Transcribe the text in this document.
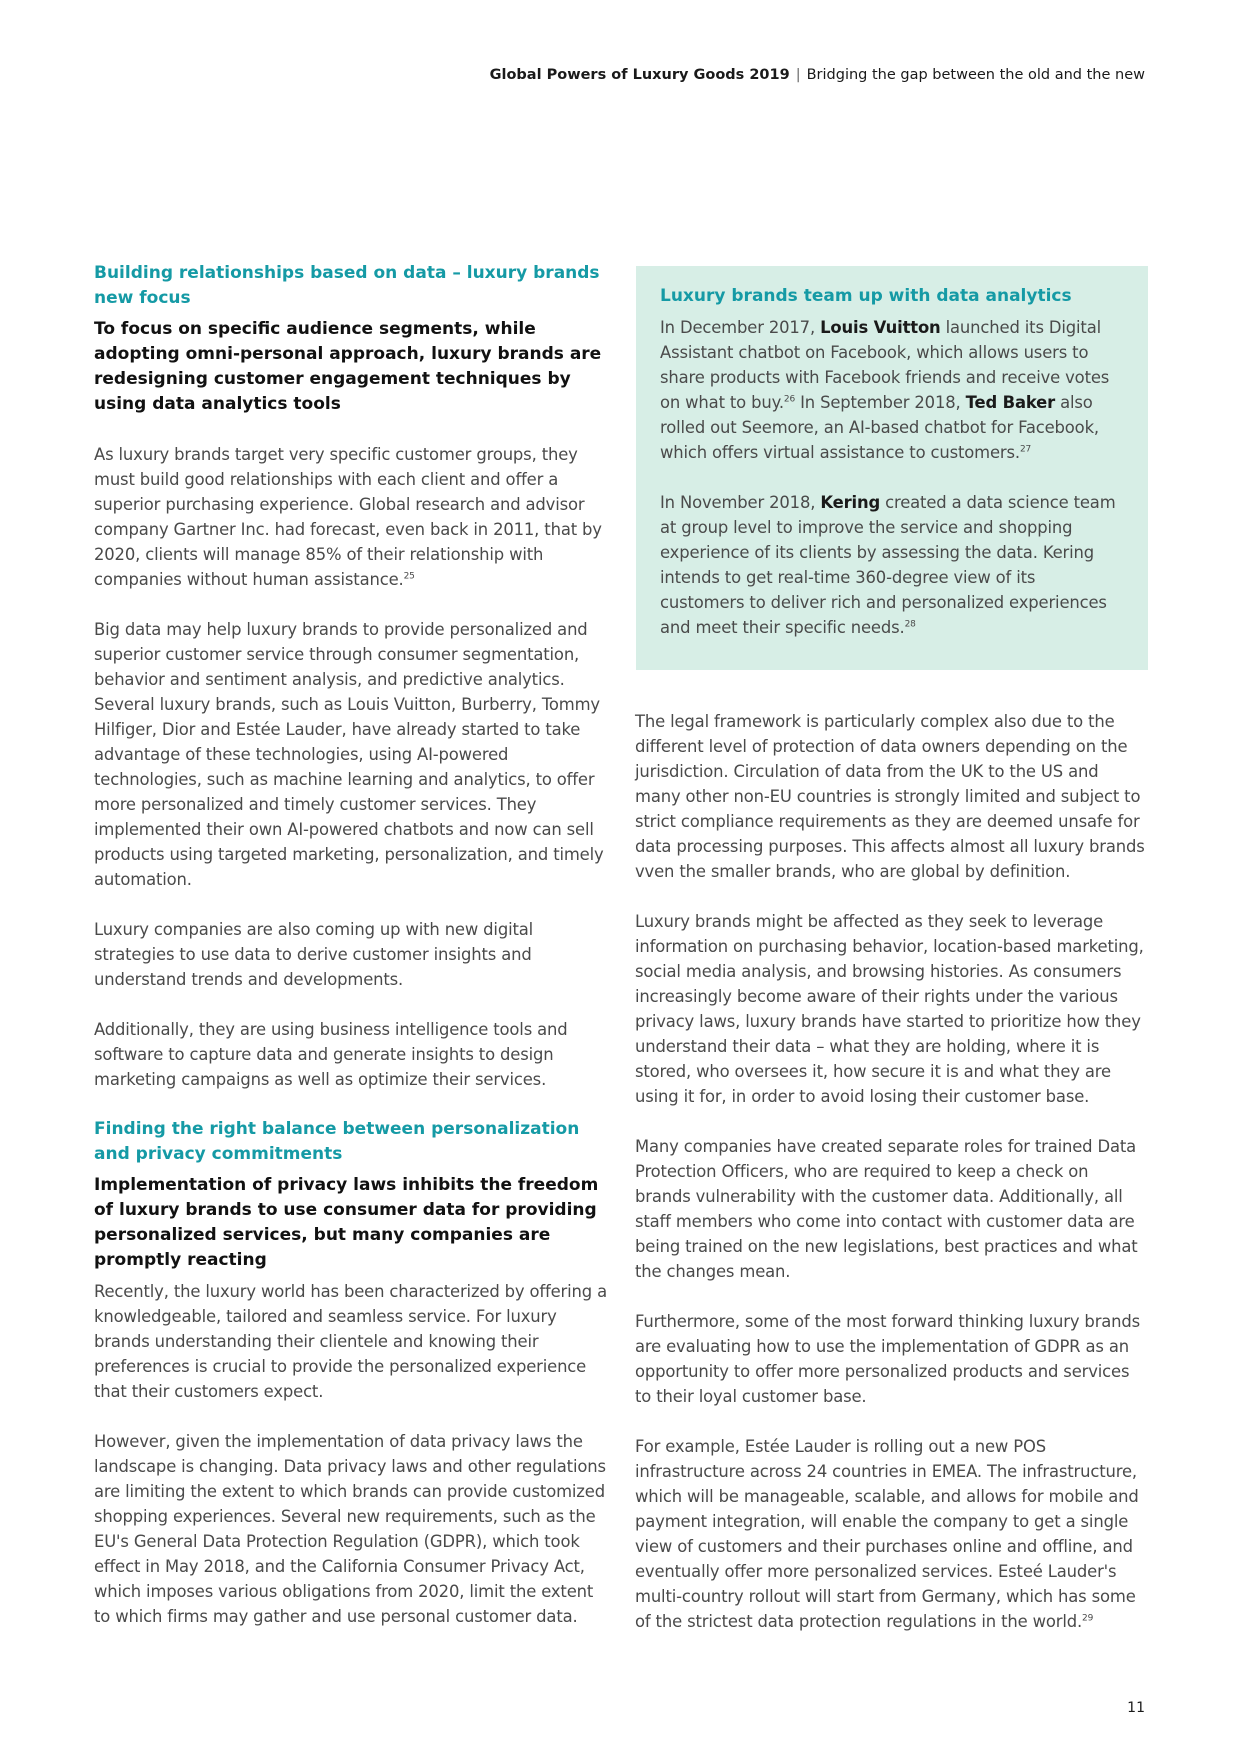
Global Powers of Luxury Goods 2019 | Bridging the gap between the old and the new

Building relationships based on data – luxury brands new focus

To focus on specific audience segments, while adopting omni-personal approach, luxury brands are redesigning customer engagement techniques by using data analytics tools

As luxury brands target very specific customer groups, they must build good relationships with each client and offer a superior purchasing experience. Global research and advisor company Gartner Inc. had forecast, even back in 2011, that by 2020, clients will manage 85% of their relationship with companies without human assistance.$^{25}$

Big data may help luxury brands to provide personalized and superior customer service through consumer segmentation, behavior and sentiment analysis, and predictive analytics. Several luxury brands, such as Louis Vuitton, Burberry, Tommy Hilfiger, Dior and Estée Lauder, have already started to take advantage of these technologies, using AI-powered technologies, such as machine learning and analytics, to offer more personalized and timely customer services. They implemented their own AI-powered chatbots and now can sell products using targeted marketing, personalization, and timely automation.

Luxury companies are also coming up with new digital strategies to use data to derive customer insights and understand trends and developments.

Additionally, they are using business intelligence tools and software to capture data and generate insights to design marketing campaigns as well as optimize their services.

Finding the right balance between personalization and privacy commitments

Implementation of privacy laws inhibits the freedom of luxury brands to use consumer data for providing personalized services, but many companies are promptly reacting

Recently, the luxury world has been characterized by offering a knowledgeable, tailored and seamless service. For luxury brands understanding their clientele and knowing their preferences is crucial to provide the personalized experience that their customers expect.

However, given the implementation of data privacy laws the landscape is changing. Data privacy laws and other regulations are limiting the extent to which brands can provide customized shopping experiences. Several new requirements, such as the EU's General Data Protection Regulation (GDPR), which took effect in May 2018, and the California Consumer Privacy Act, which imposes various obligations from 2020, limit the extent to which firms may gather and use personal customer data.

Luxury brands team up with data analytics

In December 2017, Louis Vuitton launched its Digital Assistant chatbot on Facebook, which allows users to share products with Facebook friends and receive votes on what to buy.$^{26}$ In September 2018, Ted Baker also rolled out Seemore, an AI-based chatbot for Facebook, which offers virtual assistance to customers.$^{27}$

In November 2018, Kering created a data science team at group level to improve the service and shopping experience of its clients by assessing the data. Kering intends to get real-time 360-degree view of its customers to deliver rich and personalized experiences and meet their specific needs.$^{28}$

The legal framework is particularly complex also due to the different level of protection of data owners depending on the jurisdiction. Circulation of data from the UK to the US and many other non-EU countries is strongly limited and subject to strict compliance requirements as they are deemed unsafe for data processing purposes. This affects almost all luxury brands vven the smaller brands, who are global by definition.

Luxury brands might be affected as they seek to leverage information on purchasing behavior, location-based marketing, social media analysis, and browsing histories. As consumers increasingly become aware of their rights under the various privacy laws, luxury brands have started to prioritize how they understand their data – what they are holding, where it is stored, who oversees it, how secure it is and what they are using it for, in order to avoid losing their customer base.

Many companies have created separate roles for trained Data Protection Officers, who are required to keep a check on brands vulnerability with the customer data. Additionally, all staff members who come into contact with customer data are being trained on the new legislations, best practices and what the changes mean.

Furthermore, some of the most forward thinking luxury brands are evaluating how to use the implementation of GDPR as an opportunity to offer more personalized products and services to their loyal customer base.

For example, Estée Lauder is rolling out a new POS infrastructure across 24 countries in EMEA. The infrastructure, which will be manageable, scalable, and allows for mobile and payment integration, will enable the company to get a single view of customers and their purchases online and offline, and eventually offer more personalized services. Esteé Lauder's multi-country rollout will start from Germany, which has some of the strictest data protection regulations in the world.$^{29}$

11
